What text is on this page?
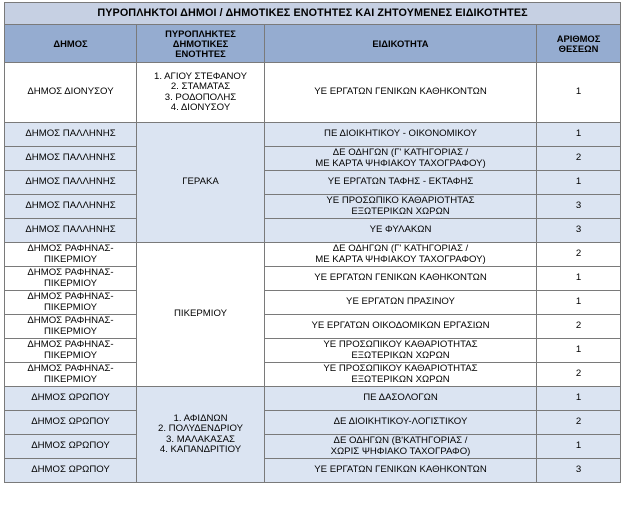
ΠΥΡΟΠΛΗΚΤΟΙ ΔΗΜΟΙ / ΔΗΜΟΤΙΚΕΣ ΕΝΟΤΗΤΕΣ ΚΑΙ ΖΗΤΟΥΜΕΝΕΣ ΕΙΔΙΚΟΤΗΤΕΣ			
ΔΗΜΟΣ	ΠΥΡΟΠΛΗΚΤΕΣ
ΔΗΜΟΤΙΚΕΣ
ΕΝΟΤΗΤΕΣ	ΕΙΔΙΚΟΤΗΤΑ	ΑΡΙΘΜΟΣ
ΘΕΣΕΩΝ
ΔΗΜΟΣ ΔΙΟΝΥΣΟΥ	1. ΑΓΙΟΥ ΣΤΕΦΑΝΟΥ
2. ΣΤΑΜΑΤΑΣ
3. ΡΟΔΟΠΟΛΗΣ
4. ΔΙΟΝΥΣΟΥ	ΥΕ ΕΡΓΑΤΩΝ ΓΕΝΙΚΩΝ ΚΑΘΗΚΟΝΤΩΝ	1
ΔΗΜΟΣ ΠΑΛΛΗΝΗΣ	ΓΕΡΑΚΑ	ΠΕ ΔΙΟΙΚΗΤΙΚΟΥ - ΟΙΚΟΝΟΜΙΚΟΥ	1
ΔΗΜΟΣ ΠΑΛΛΗΝΗΣ		ΔΕ ΟΔΗΓΩΝ (Γ' ΚΑΤΗΓΟΡΙΑΣ /
ΜΕ ΚΑΡΤΑ ΨΗΦΙΑΚΟΥ ΤΑΧΟΓΡΑΦΟΥ)	2
ΔΗΜΟΣ ΠΑΛΛΗΝΗΣ		ΥΕ ΕΡΓΑΤΩΝ ΤΑΦΗΣ - ΕΚΤΑΦΗΣ	1
ΔΗΜΟΣ ΠΑΛΛΗΝΗΣ		ΥΕ ΠΡΟΣΩΠΙΚΟ ΚΑΘΑΡΙΟΤΗΤΑΣ
ΕΞΩΤΕΡΙΚΩΝ ΧΩΡΩΝ	3
ΔΗΜΟΣ ΠΑΛΛΗΝΗΣ		ΥΕ ΦΥΛΑΚΩΝ	3
ΔΗΜΟΣ ΡΑΦΗΝΑΣ-
ΠΙΚΕΡΜΙΟΥ	ΠΙΚΕΡΜΙΟΥ	ΔΕ ΟΔΗΓΩΝ (Γ' ΚΑΤΗΓΟΡΙΑΣ /
ΜΕ ΚΑΡΤΑ ΨΗΦΙΑΚΟΥ ΤΑΧΟΓΡΑΦΟΥ)	2
ΔΗΜΟΣ ΡΑΦΗΝΑΣ-
ΠΙΚΕΡΜΙΟΥ		ΥΕ ΕΡΓΑΤΩΝ ΓΕΝΙΚΩΝ ΚΑΘΗΚΟΝΤΩΝ	1
ΔΗΜΟΣ ΡΑΦΗΝΑΣ-
ΠΙΚΕΡΜΙΟΥ		ΥΕ ΕΡΓΑΤΩΝ ΠΡΑΣΙΝΟΥ	1
ΔΗΜΟΣ ΡΑΦΗΝΑΣ-
ΠΙΚΕΡΜΙΟΥ		ΥΕ ΕΡΓΑΤΩΝ ΟΙΚΟΔΟΜΙΚΩΝ ΕΡΓΑΣΙΩΝ	2
ΔΗΜΟΣ ΡΑΦΗΝΑΣ-
ΠΙΚΕΡΜΙΟΥ		ΥΕ ΠΡΟΣΩΠΙΚΟΥ ΚΑΘΑΡΙΟΤΗΤΑΣ
ΕΞΩΤΕΡΙΚΩΝ ΧΩΡΩΝ	1
ΔΗΜΟΣ ΡΑΦΗΝΑΣ-
ΠΙΚΕΡΜΙΟΥ		ΥΕ ΠΡΟΣΩΠΙΚΟΥ ΚΑΘΑΡΙΟΤΗΤΑΣ
ΕΞΩΤΕΡΙΚΩΝ ΧΩΡΩΝ	2
ΔΗΜΟΣ ΩΡΩΠΟΥ	1. ΑΦΙΔΝΩΝ
2. ΠΟΛΥΔΕΝΔΡΙΟΥ
3. ΜΑΛΑΚΑΣΑΣ
4. ΚΑΠΑΝΔΡΙΤΙΟΥ	ΠΕ ΔΑΣΟΛΟΓΩΝ	1
ΔΗΜΟΣ ΩΡΩΠΟΥ		ΔΕ ΔΙΟΙΚΗΤΙΚΟΥ-ΛΟΓΙΣΤΙΚΟΥ	2
ΔΗΜΟΣ ΩΡΩΠΟΥ		ΔΕ ΟΔΗΓΩΝ (Β'ΚΑΤΗΓΟΡΙΑΣ /
ΧΩΡΙΣ ΨΗΦΙΑΚΟ ΤΑΧΟΓΡΑΦΟ)	1
ΔΗΜΟΣ ΩΡΩΠΟΥ		ΥΕ ΕΡΓΑΤΩΝ ΓΕΝΙΚΩΝ ΚΑΘΗΚΟΝΤΩΝ	3
